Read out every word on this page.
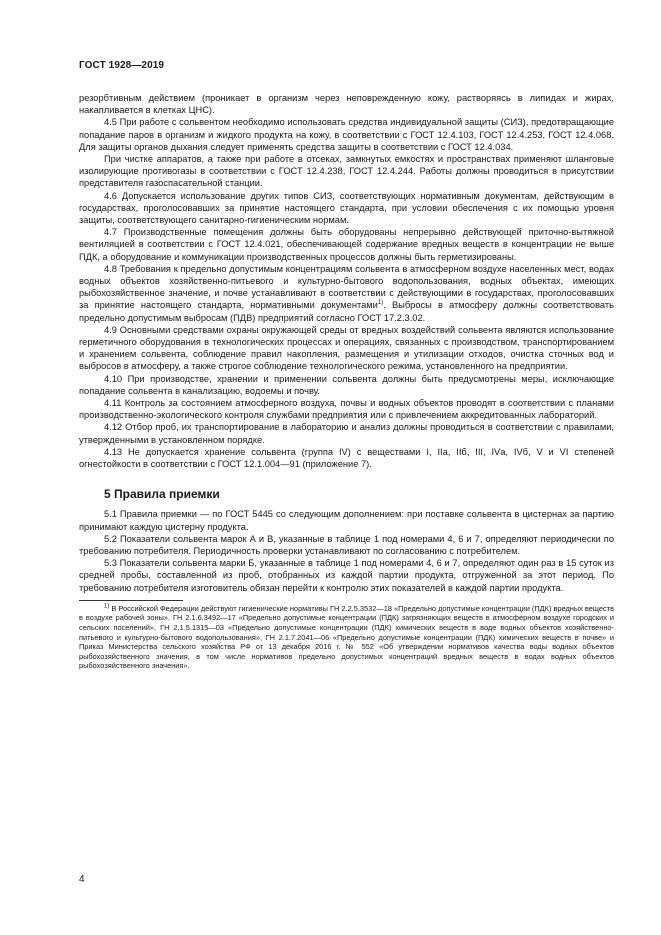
ГОСТ 1928—2019

резорбтивным действием (проникает в организм через неповрежденную кожу, растворяясь в липидах и жирах, накапливается в клетках ЦНС).

4.5 При работе с сольвентом необходимо использовать средства индивидуальной защиты (СИЗ), предотвращающие попадание паров в организм и жидкого продукта на кожу, в соответствии с ГОСТ 12.4.103, ГОСТ 12.4.253, ГОСТ 12.4.068. Для защиты органов дыхания следует применять средства защиты в соответствии с ГОСТ 12.4.034.

При чистке аппаратов, а также при работе в отсеках, замкнутых емкостях и пространствах применяют шланговые изолирующие противогазы в соответствии с ГОСТ 12.4.238, ГОСТ 12.4.244. Работы должны проводиться в присутствии представителя газоспасательной станции.

4.6 Допускается использование других типов СИЗ, соответствующих нормативным документам, действующим в государствах, проголосовавших за принятие настоящего стандарта, при условии обеспечения с их помощью уровня защиты, соответствующего санитарно-гигиеническим нормам.

4.7 Производственные помещения должны быть оборудованы непрерывно действующей приточно-вытяжной вентиляцией в соответствии с ГОСТ 12.4.021, обеспечивающей содержание вредных веществ в концентрации не выше ПДК, а оборудование и коммуникации производственных процессов должны быть герметизированы.

4.8 Требования к предельно допустимым концентрациям сольвента в атмосферном воздухе населенных мест, водах водных объектов хозяйственно-питьевого и культурно-бытового водопользования, водных объектах, имеющих рыбохозяйственное значение, и почве устанавливают в соответствии с действующими в государствах, проголосовавших за принятие настоящего стандарта, нормативными документами$^{1)}$. Выбросы в атмосферу должны соответствовать предельно допустимым выбросам (ПДВ) предприятий согласно ГОСТ 17.2.3.02.

4.9 Основными средствами охраны окружающей среды от вредных воздействий сольвента являются использование герметичного оборудования в технологических процессах и операциях, связанных с производством, транспортированием и хранением сольвента, соблюдение правил накопления, размещения и утилизации отходов, очистка сточных вод и выбросов в атмосферу, а также строгое соблюдение технологического режима, установленного на предприятии.

4.10 При производстве, хранении и применении сольвента должны быть предусмотрены меры, исключающие попадание сольвента в канализацию, водоемы и почву.

4.11 Контроль за состоянием атмосферного воздуха, почвы и водных объектов проводят в соответствии с планами производственно-экологического контроля службами предприятия или с привлечением аккредитованных лабораторий.

4.12 Отбор проб, их транспортирование в лабораторию и анализ должны проводиться в соответствии с правилами, утвержденными в установленном порядке.

4.13 Не допускается хранение сольвента (группа IV) с веществами I, IIа, IIб, III, IVа, IVб, V и VI степеней огнестойкости в соответствии с ГОСТ 12.1.004—91 (приложение 7).

5 Правила приемки

5.1 Правила приемки — по ГОСТ 5445 со следующим дополнением: при поставке сольвента в цистернах за партию принимают каждую цистерну продукта.

5.2 Показатели сольвента марок А и В, указанные в таблице 1 под номерами 4, 6 и 7, определяют периодически по требованию потребителя. Периодичность проверки устанавливают по согласованию с потребителем.

5.3 Показатели сольвента марки Б, указанные в таблице 1 под номерами 4, 6 и 7, определяют один раз в 15 суток из средней пробы, составленной из проб, отобранных из каждой партии продукта, отгруженной за этот период. По требованию потребителя изготовитель обязан перейти к контролю этих показателей в каждой партии продукта.

$^{1)}$ В Российской Федерации действуют гигиенические нормативы ГН 2.2.5.3532—18 «Предельно допустимые концентрации (ПДК) вредных веществ в воздухе рабочей зоны», ГН 2.1.6.3492—17 «Предельно допустимые концентрации (ПДК) загрязняющих веществ в атмосферном воздухе городских и сельских поселений», ГН 2.1.5.1315—03 «Предельно допустимые концентрации (ПДК) химических веществ в воде водных объектов хозяйственно-питьевого и культурно-бытового водопользования», ГН 2.1.7.2041—06 «Предельно допустимые концентрации (ПДК) химических веществ в почве» и Приказ Министерства сельского хозяйства РФ от 13 декабря 2016 г. № 552 «Об утверждении нормативов качества воды водных объектов рыбохозяйственного значения, в том числе нормативов предельно допустимых концентраций вредных веществ в водах водных объектов рыбохозяйственного значения».

4
